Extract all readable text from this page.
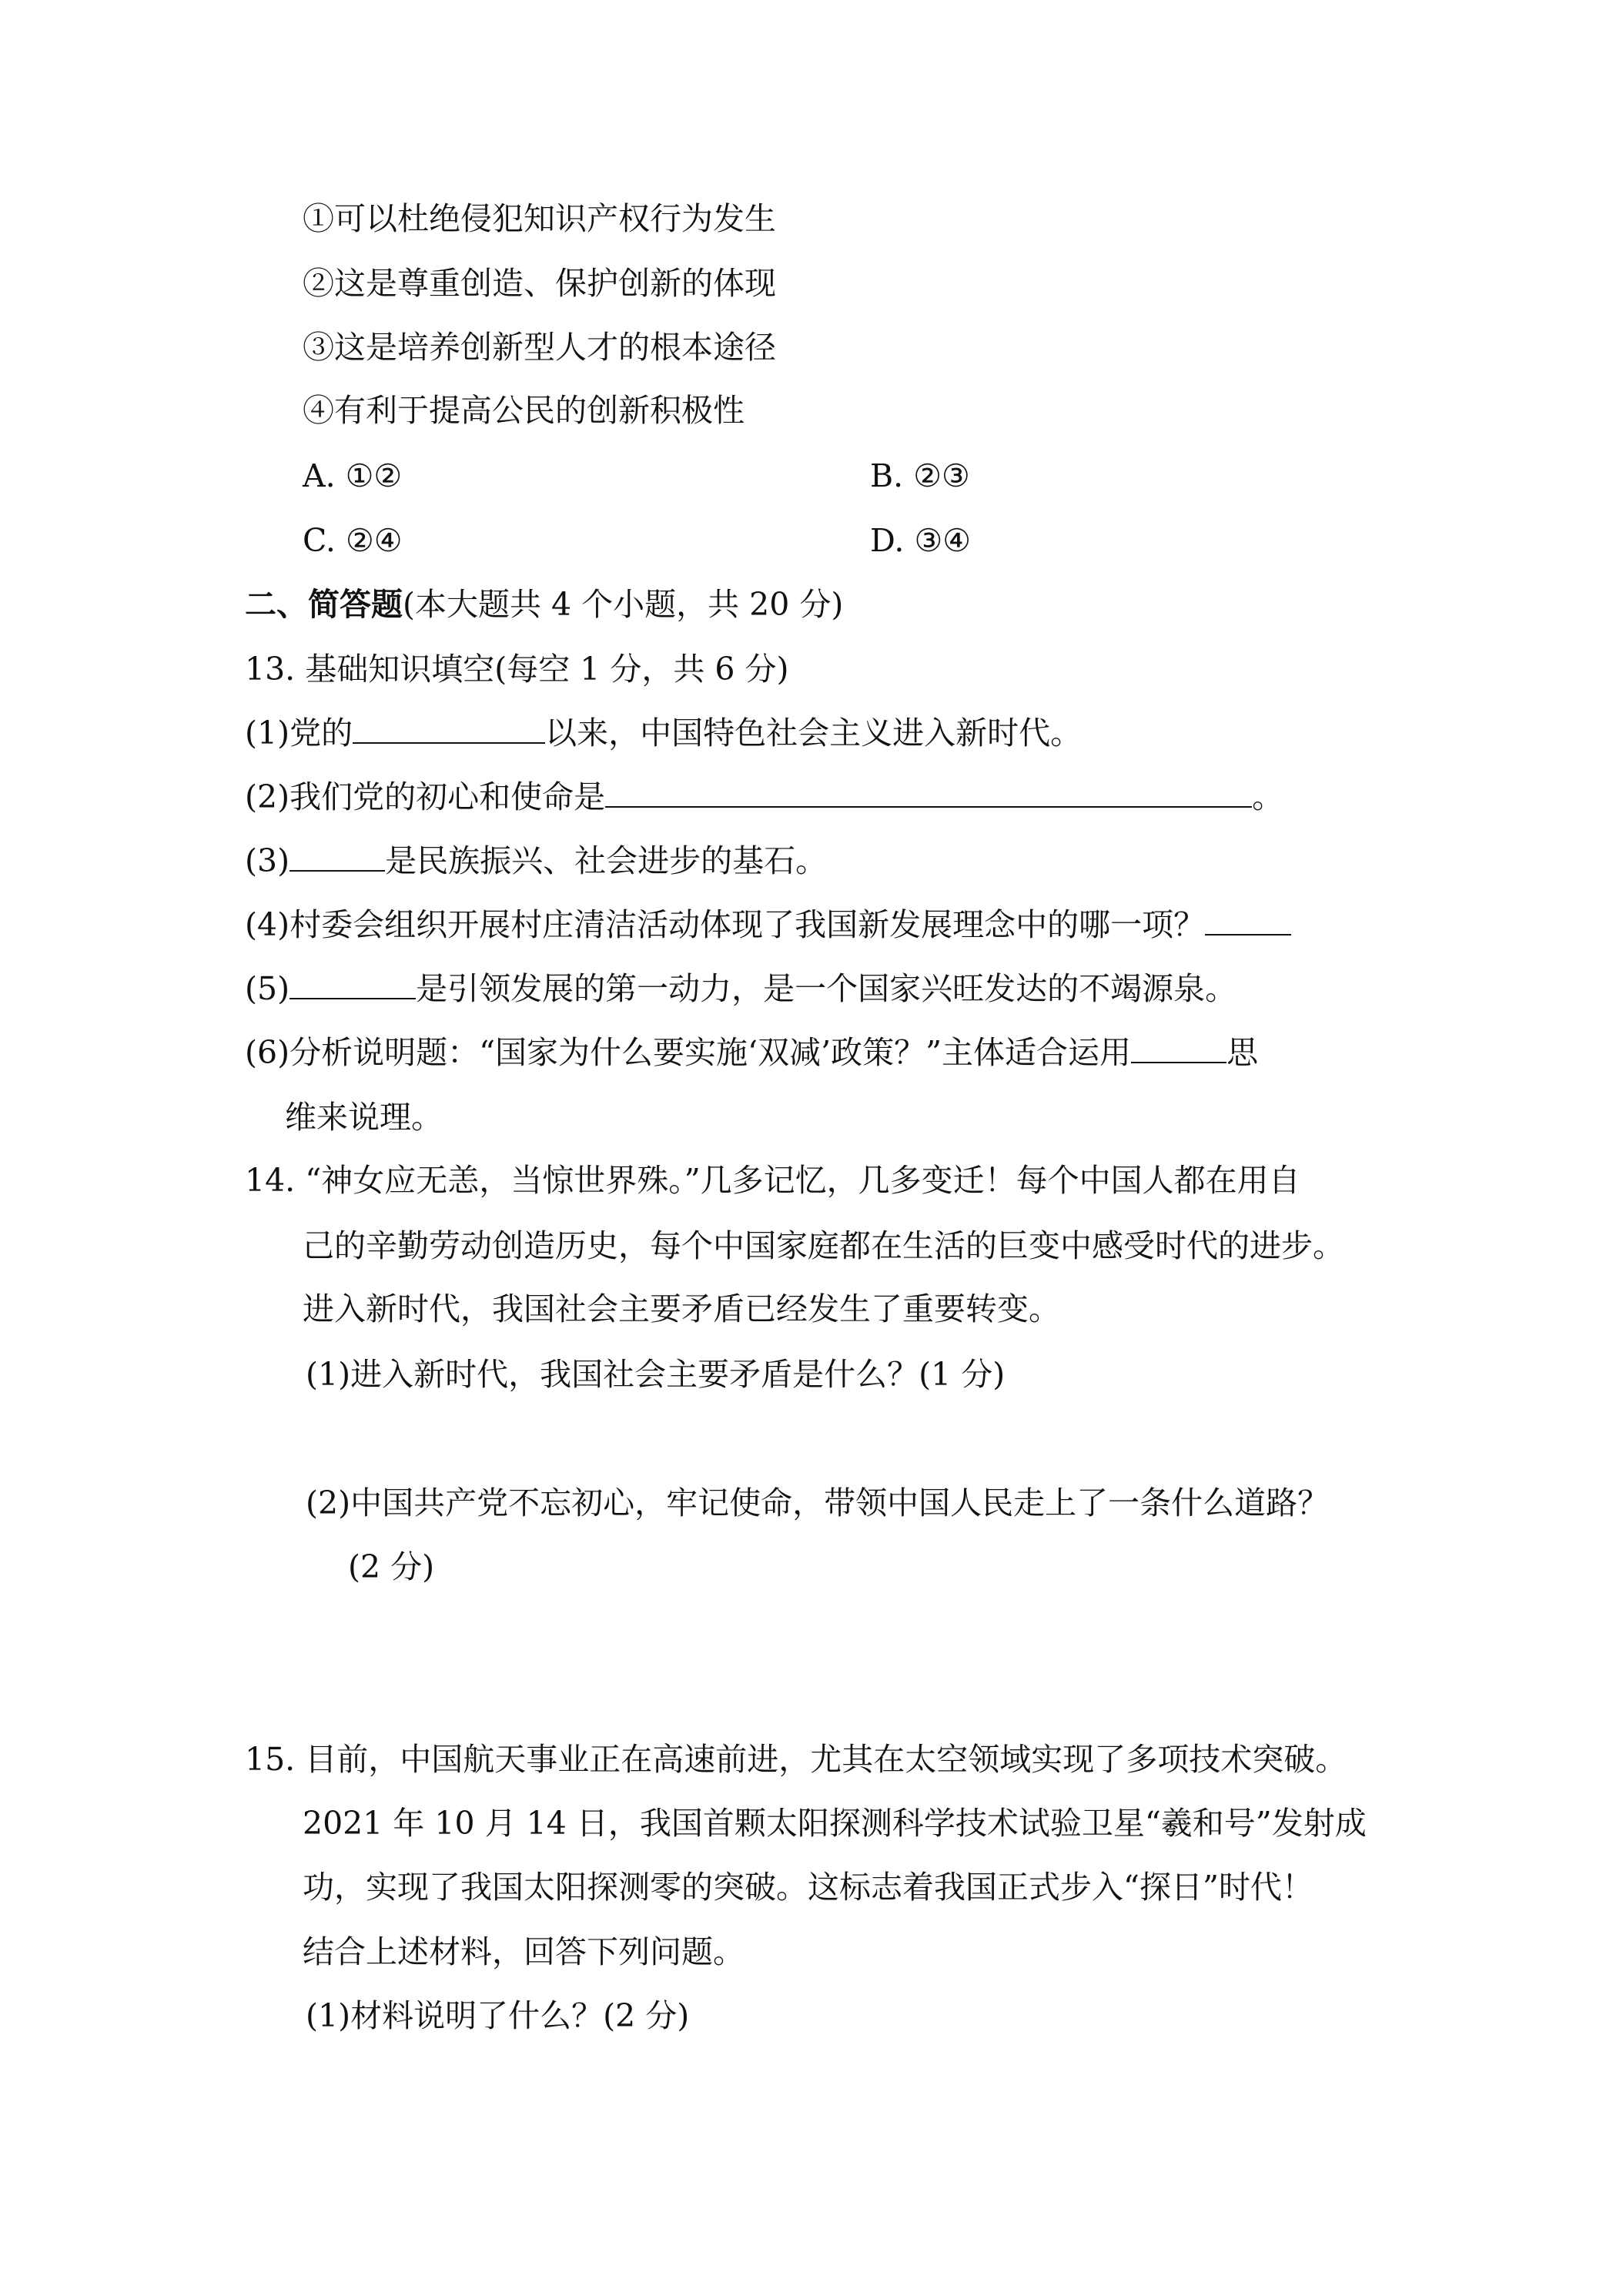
①可以杜绝侵犯知识产权行为发生
②这是尊重创造、保护创新的体现
③这是培养创新型人才的根本途径
④有利于提高公民的创新积极性
A. ①②	B. ②③
C. ②④	D. ③④
二、简答题(本大题共 4 个小题，共 20 分)
13. 基础知识填空(每空 1 分，共 6 分)
(1)党的	以来，中国特色社会主义进入新时代。
(2)我们党的初心和使命是	。
(3)	是民族振兴、社会进步的基石。
(4)村委会组织开展村庄清洁活动体现了我国新发展理念中的哪一项？
(5)	是引领发展的第一动力，是一个国家兴旺发达的不竭源泉。
(6)分析说明题：“国家为什么要实施‘双减’政策？”主体适合运用	思
维来说理。
14. “神女应无恙，当惊世界殊。”几多记忆，几多变迁！每个中国人都在用自
己的辛勤劳动创造历史，每个中国家庭都在生活的巨变中感受时代的进步。
进入新时代，我国社会主要矛盾已经发生了重要转变。
(1)进入新时代，我国社会主要矛盾是什么？(1 分)
(2)中国共产党不忘初心，牢记使命，带领中国人民走上了一条什么道路？
(2 分)
15. 目前，中国航天事业正在高速前进，尤其在太空领域实现了多项技术突破。
2021 年 10 月 14 日，我国首颗太阳探测科学技术试验卫星“羲和号”发射成
功，实现了我国太阳探测零的突破。这标志着我国正式步入“探日”时代！
结合上述材料，回答下列问题。
(1)材料说明了什么？(2 分)
